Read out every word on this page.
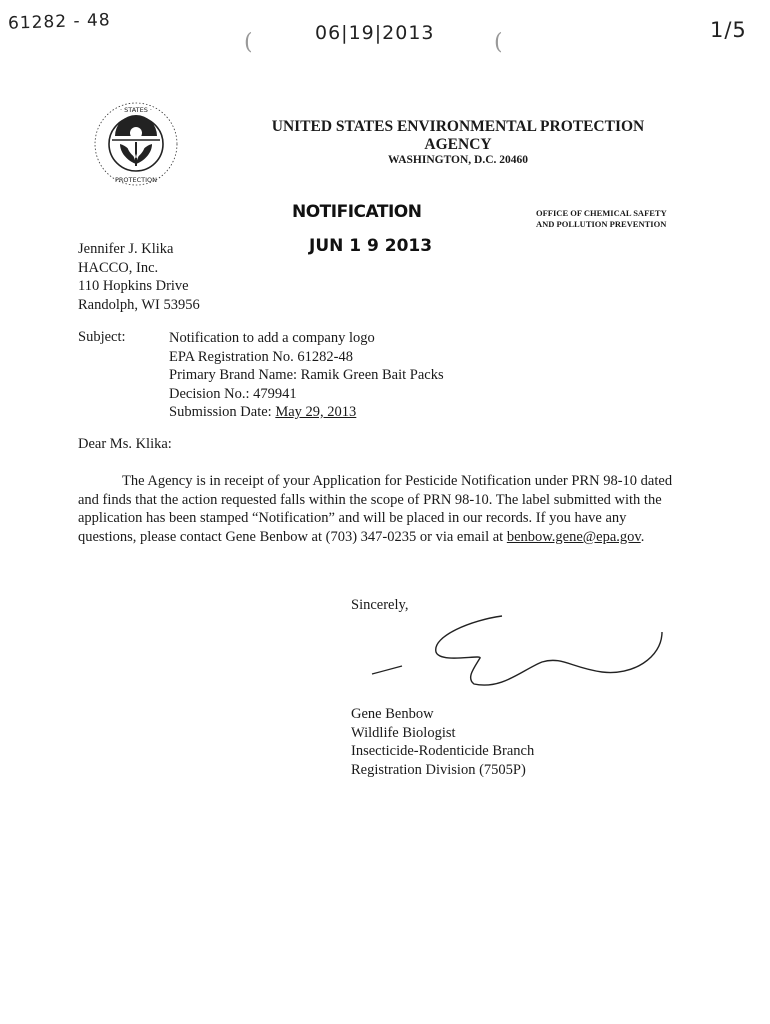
61282 - 48
(	06|19|2013	(	1/5
· STATES ·
PROTECTION
UNITED STATES ENVIRONMENTAL PROTECTION
AGENCY
WASHINGTON, D.C. 20460
NOTIFICATION
JUN 1 9 2013
OFFICE OF CHEMICAL SAFETY
AND POLLUTION PREVENTION
Jennifer J. Klika
HACCO, Inc.
110 Hopkins Drive
Randolph, WI 53956
Subject:	Notification to add a company logo
EPA Registration No. 61282-48
Primary Brand Name: Ramik Green Bait Packs
Decision No.: 479941
Submission Date: May 29, 2013
Dear Ms. Klika:
The Agency is in receipt of your Application for Pesticide Notification under PRN 98-10 dated and finds that the action requested falls within the scope of PRN 98-10. The label submitted with the application has been stamped “Notification” and will be placed in our records. If you have any questions, please contact Gene Benbow at (703) 347-0235 or via email at benbow.gene@epa.gov.
Sincerely,
Gene Benbow
Wildlife Biologist
Insecticide-Rodenticide Branch
Registration Division (7505P)
